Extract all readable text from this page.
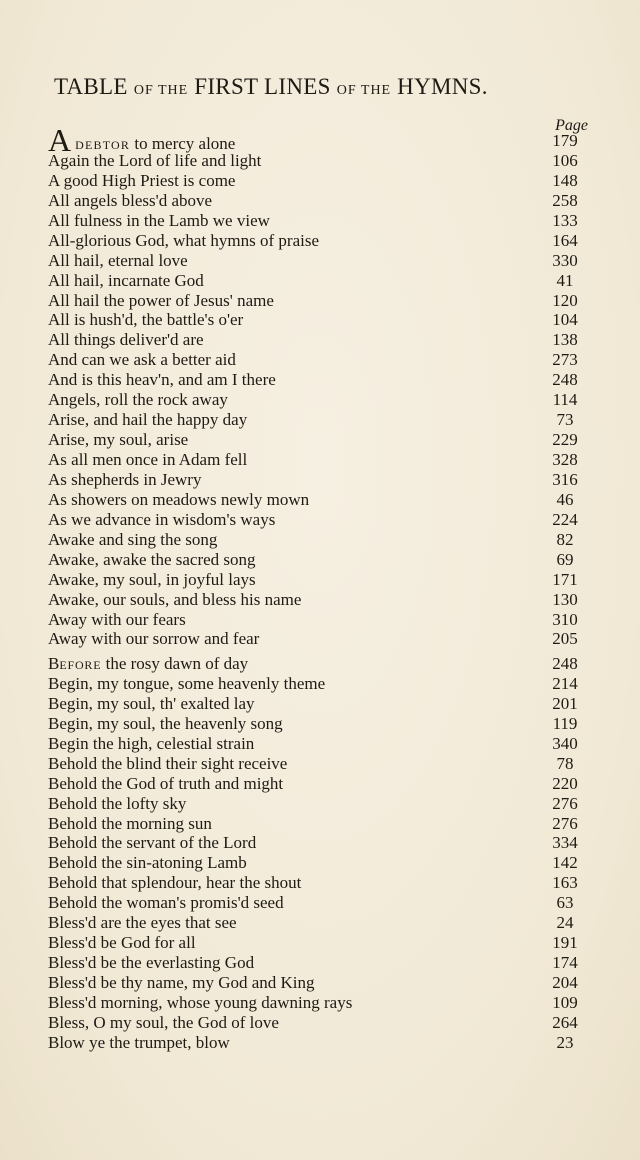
TABLE OF THE FIRST LINES OF THE HYMNS.
Page
ADEBTOR to mercy alone	179
Again the Lord of life and light	106
A good High Priest is come	148
All angels bless'd above	258
All fulness in the Lamb we view	133
All-glorious God, what hymns of praise	164
All hail, eternal love	330
All hail, incarnate God	41
All hail the power of Jesus' name	120
All is hush'd, the battle's o'er	104
All things deliver'd are	138
And can we ask a better aid	273
And is this heav'n, and am I there	248
Angels, roll the rock away	114
Arise, and hail the happy day	73
Arise, my soul, arise	229
As all men once in Adam fell	328
As shepherds in Jewry	316
As showers on meadows newly mown	46
As we advance in wisdom's ways	224
Awake and sing the song	82
Awake, awake the sacred song	69
Awake, my soul, in joyful lays	171
Awake, our souls, and bless his name	130
Away with our fears	310
Away with our sorrow and fear	205
BEFORE the rosy dawn of day	248
Begin, my tongue, some heavenly theme	214
Begin, my soul, th' exalted lay	201
Begin, my soul, the heavenly song	119
Begin the high, celestial strain	340
Behold the blind their sight receive	78
Behold the God of truth and might	220
Behold the lofty sky	276
Behold the morning sun	276
Behold the servant of the Lord	334
Behold the sin-atoning Lamb	142
Behold that splendour, hear the shout	163
Behold the woman's promis'd seed	63
Bless'd are the eyes that see	24
Bless'd be God for all	191
Bless'd be the everlasting God	174
Bless'd be thy name, my God and King	204
Bless'd morning, whose young dawning rays	109
Bless, O my soul, the God of love	264
Blow ye the trumpet, blow	23
